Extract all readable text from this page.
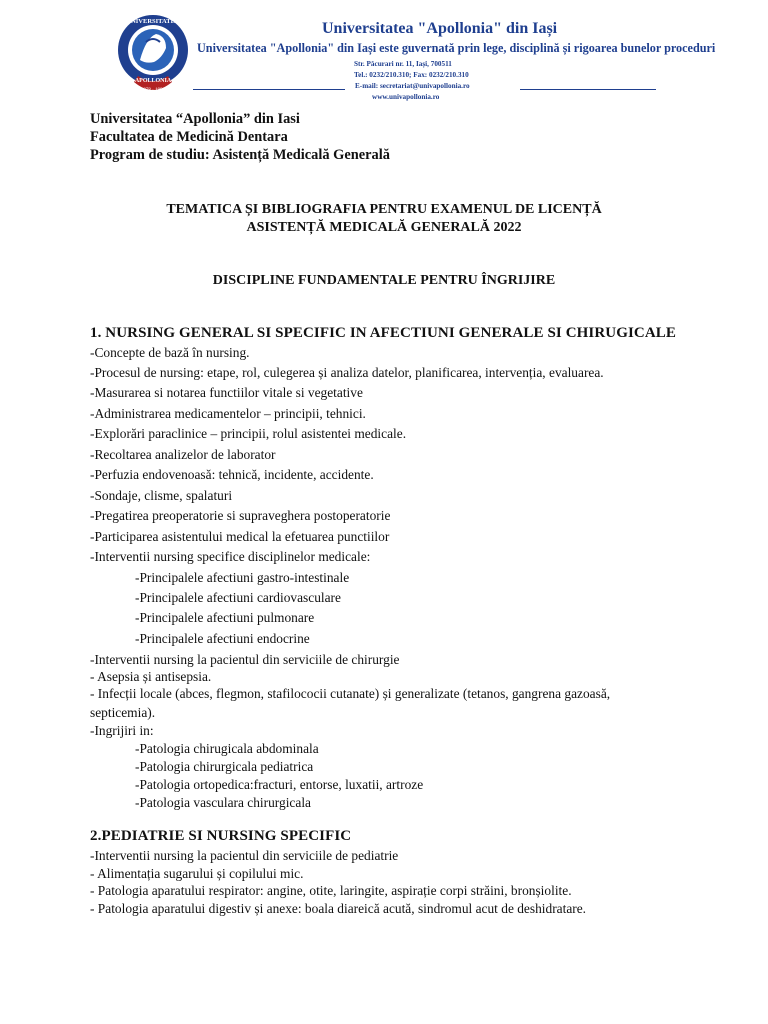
UNIVERSITATEA
APOLLONIA
1878 · 1990
Universitatea "Apollonia" din Iași
Universitatea "Apollonia" din Iași este guvernată prin lege, disciplină și rigoarea bunelor proceduri
Str. Păcurari nr. 11, Iași, 700511
Tel.: 0232/210.310; Fax: 0232/210.310
E-mail: secretariat@univapollonia.ro
www.univapollonia.ro
Universitatea “Apollonia” din Iasi
Facultatea de Medicină Dentara
Program de studiu: Asistență Medicală Generală
TEMATICA ȘI BIBLIOGRAFIA PENTRU EXAMENUL DE LICENȚĂ
ASISTENȚĂ MEDICALĂ GENERALĂ 2022
DISCIPLINE FUNDAMENTALE PENTRU ÎNGRIJIRE
1. NURSING GENERAL SI SPECIFIC IN AFECTIUNI GENERALE SI CHIRUGICALE
-Concepte de bază în nursing.
-Procesul de nursing: etape, rol, culegerea și analiza datelor, planificarea, intervenția, evaluarea.
-Masurarea si notarea functiilor vitale si vegetative
-Administrarea medicamentelor – principii, tehnici.
-Explorări paraclinice – principii, rolul asistentei medicale.
-Recoltarea analizelor de laborator
-Perfuzia endovenoasă: tehnică, incidente, accidente.
-Sondaje, clisme, spalaturi
-Pregatirea preoperatorie si supraveghera postoperatorie
-Participarea asistentului medical la efetuarea punctiilor
-Interventii nursing specifice disciplinelor medicale:
-Principalele afectiuni gastro-intestinale
-Principalele afectiuni cardiovasculare
-Principalele afectiuni pulmonare
-Principalele afectiuni endocrine
-Interventii nursing la pacientul din serviciile de chirurgie
- Asepsia și antisepsia.
- Infecții locale (abces, flegmon, stafilococii cutanate) și generalizate (tetanos, gangrena gazoasă,
septicemia).
-Ingrijiri in:
-Patologia chirugicala abdominala
-Patologia chirurgicala pediatrica
-Patologia ortopedica:fracturi, entorse, luxatii, artroze
-Patologia vasculara chirurgicala
2.PEDIATRIE SI NURSING SPECIFIC
-Interventii nursing la pacientul din serviciile de pediatrie
- Alimentația sugarului și copilului mic.
- Patologia aparatului respirator: angine, otite, laringite, aspirație corpi străini, bronșiolite.
- Patologia aparatului digestiv și anexe: boala diareică acută, sindromul acut de deshidratare.
